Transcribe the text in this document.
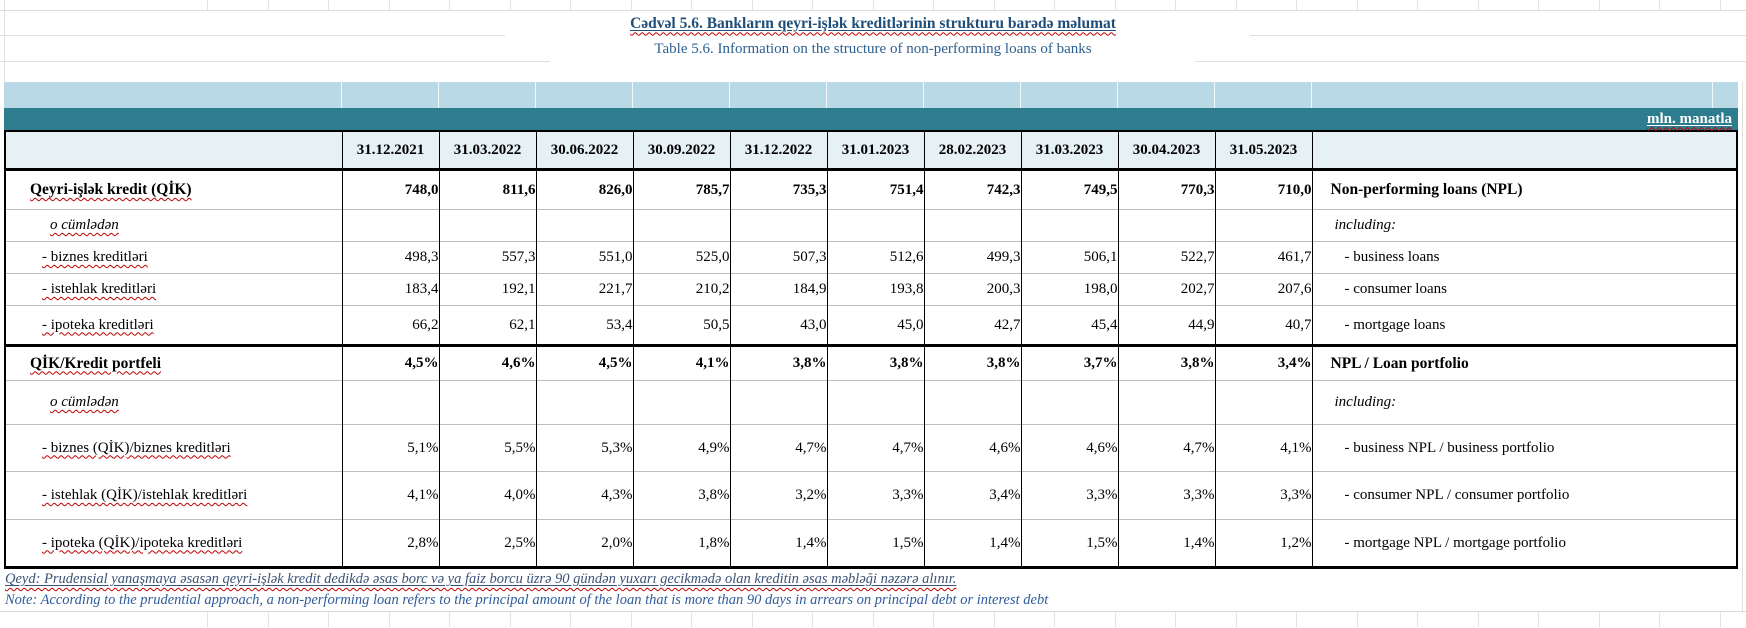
Cədvəl 5.6. Bankların qeyri-işlək kreditlərinin strukturu barədə məlumat
Table 5.6. Information on the structure of non-performing loans of banks
mln. manatla
	31.12.2021	31.03.2022	30.06.2022	30.09.2022	31.12.2022	31.01.2023	28.02.2023	31.03.2023	30.04.2023	31.05.2023	
Qeyri-işlək kredit (QİK)	748,0	811,6	826,0	785,7	735,3	751,4	742,3	749,5	770,3	710,0	Non-performing loans (NPL)
o cümlədən											including:
- biznes kreditləri	498,3	557,3	551,0	525,0	507,3	512,6	499,3	506,1	522,7	461,7	- business loans
- istehlak kreditləri	183,4	192,1	221,7	210,2	184,9	193,8	200,3	198,0	202,7	207,6	- consumer loans
- ipoteka kreditləri	66,2	62,1	53,4	50,5	43,0	45,0	42,7	45,4	44,9	40,7	- mortgage loans
QİK/Kredit portfeli	4,5%	4,6%	4,5%	4,1%	3,8%	3,8%	3,8%	3,7%	3,8%	3,4%	NPL / Loan portfolio
o cümlədən											including:
- biznes (QİK)/biznes kreditləri	5,1%	5,5%	5,3%	4,9%	4,7%	4,7%	4,6%	4,6%	4,7%	4,1%	- business NPL / business portfolio
- istehlak (QİK)/istehlak kreditləri	4,1%	4,0%	4,3%	3,8%	3,2%	3,3%	3,4%	3,3%	3,3%	3,3%	- consumer NPL / consumer portfolio
- ipoteka (QİK)/ipoteka kreditləri	2,8%	2,5%	2,0%	1,8%	1,4%	1,5%	1,4%	1,5%	1,4%	1,2%	- mortgage NPL / mortgage portfolio
Qeyd: Prudensial yanaşmaya əsasən qeyri-işlək kredit dedikdə əsas borc və ya faiz borcu üzrə 90 gündən yuxarı gecikmədə olan kreditin əsas məbləği nəzərə alınır.
Note: According to the prudential approach, a non-performing loan refers to the principal amount of the loan that is more than 90 days in arrears on principal debt or interest debt
